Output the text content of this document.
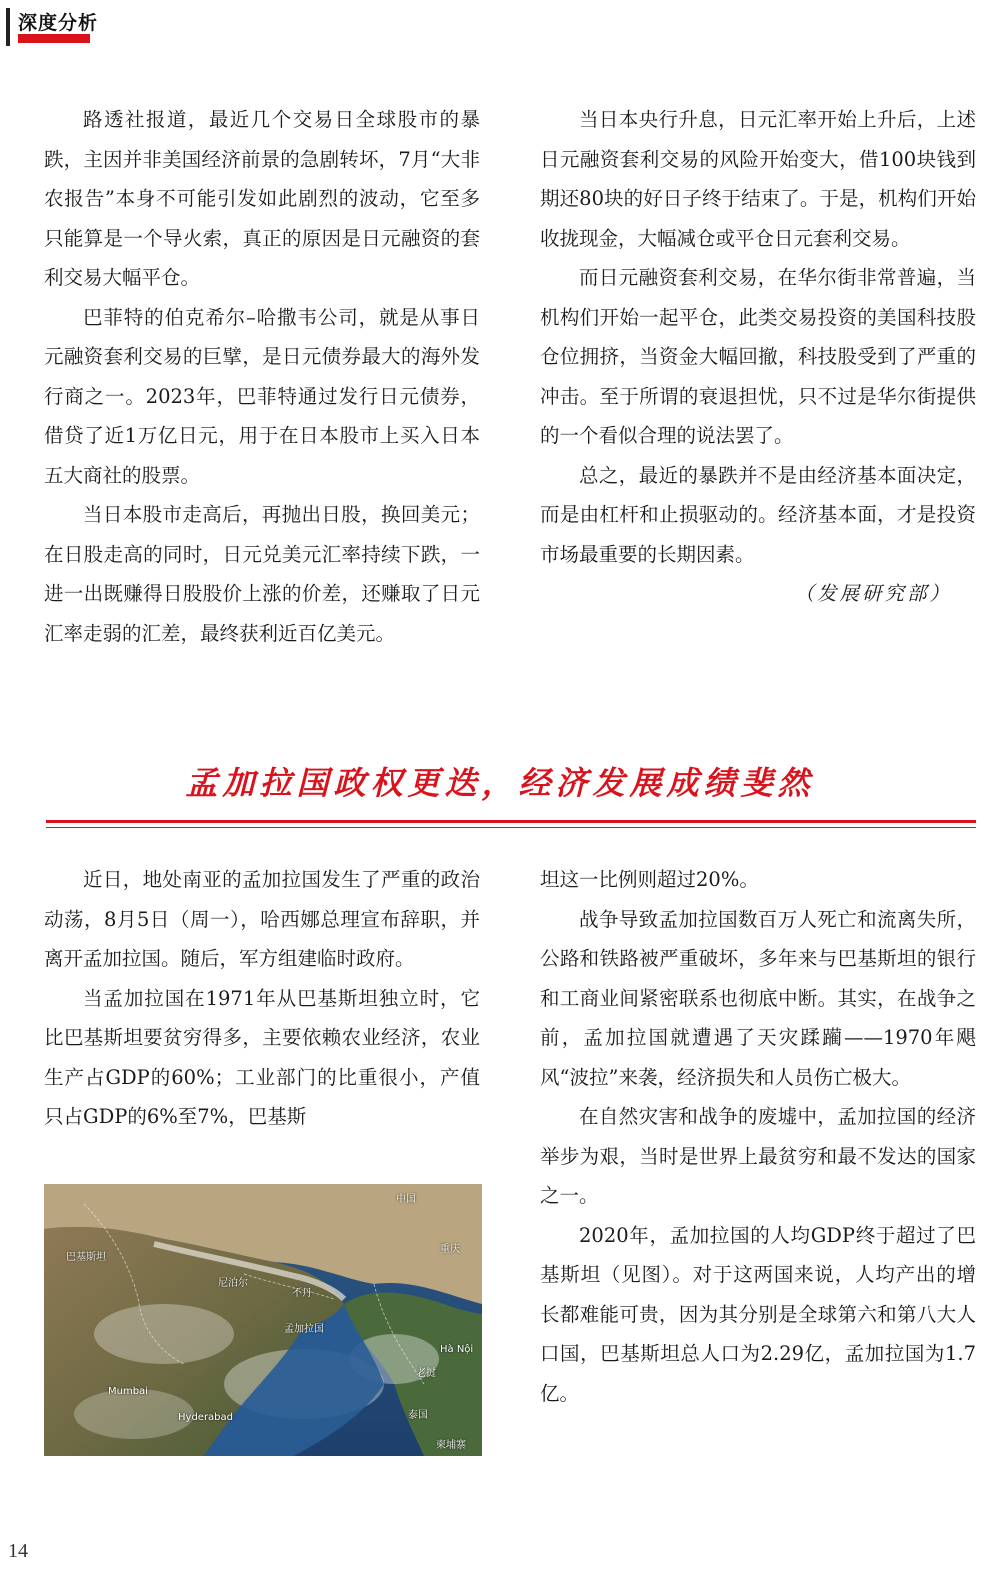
深度分析

路透社报道，最近几个交易日全球股市的暴跌，主因并非美国经济前景的急剧转坏，7月“大非农报告”本身不可能引发如此剧烈的波动，它至多只能算是一个导火索，真正的原因是日元融资的套利交易大幅平仓。

巴菲特的伯克希尔–哈撒韦公司，就是从事日元融资套利交易的巨擘，是日元债券最大的海外发行商之一。2023年，巴菲特通过发行日元债券，借贷了近1万亿日元，用于在日本股市上买入日本五大商社的股票。

当日本股市走高后，再抛出日股，换回美元；在日股走高的同时，日元兑美元汇率持续下跌，一进一出既赚得日股股价上涨的价差，还赚取了日元汇率走弱的汇差，最终获利近百亿美元。

当日本央行升息，日元汇率开始上升后，上述日元融资套利交易的风险开始变大，借100块钱到期还80块的好日子终于结束了。于是，机构们开始收拢现金，大幅减仓或平仓日元套利交易。

而日元融资套利交易，在华尔街非常普遍，当机构们开始一起平仓，此类交易投资的美国科技股仓位拥挤，当资金大幅回撤，科技股受到了严重的冲击。至于所谓的衰退担忧，只不过是华尔街提供的一个看似合理的说法罢了。

总之，最近的暴跌并不是由经济基本面决定，而是由杠杆和止损驱动的。经济基本面，才是投资市场最重要的长期因素。

（发展研究部）

孟加拉国政权更迭，经济发展成绩斐然

近日，地处南亚的孟加拉国发生了严重的政治动荡，8月5日（周一），哈西娜总理宣布辞职，并离开孟加拉国。随后，军方组建临时政府。

当孟加拉国在1971年从巴基斯坦独立时，它比巴基斯坦要贫穷得多，主要依赖农业经济，农业生产占GDP的60%；工业部门的比重很小，产值只占GDP的6%至7%，巴基斯

中国
巴基斯坦
尼泊尔
不丹
孟加拉国
老挝
泰国
柬埔寨
Mumbai
Hyderabad
Hà Nội
重庆

坦这一比例则超过20%。

战争导致孟加拉国数百万人死亡和流离失所，公路和铁路被严重破坏，多年来与巴基斯坦的银行和工商业间紧密联系也彻底中断。其实，在战争之前，孟加拉国就遭遇了天灾蹂躏——1970年飓风“波拉”来袭，经济损失和人员伤亡极大。

在自然灾害和战争的废墟中，孟加拉国的经济举步为艰，当时是世界上最贫穷和最不发达的国家之一。

2020年，孟加拉国的人均GDP终于超过了巴基斯坦（见图）。对于这两国来说，人均产出的增长都难能可贵，因为其分别是全球第六和第八大人口国，巴基斯坦总人口为2.29亿，孟加拉国为1.7亿。

14
